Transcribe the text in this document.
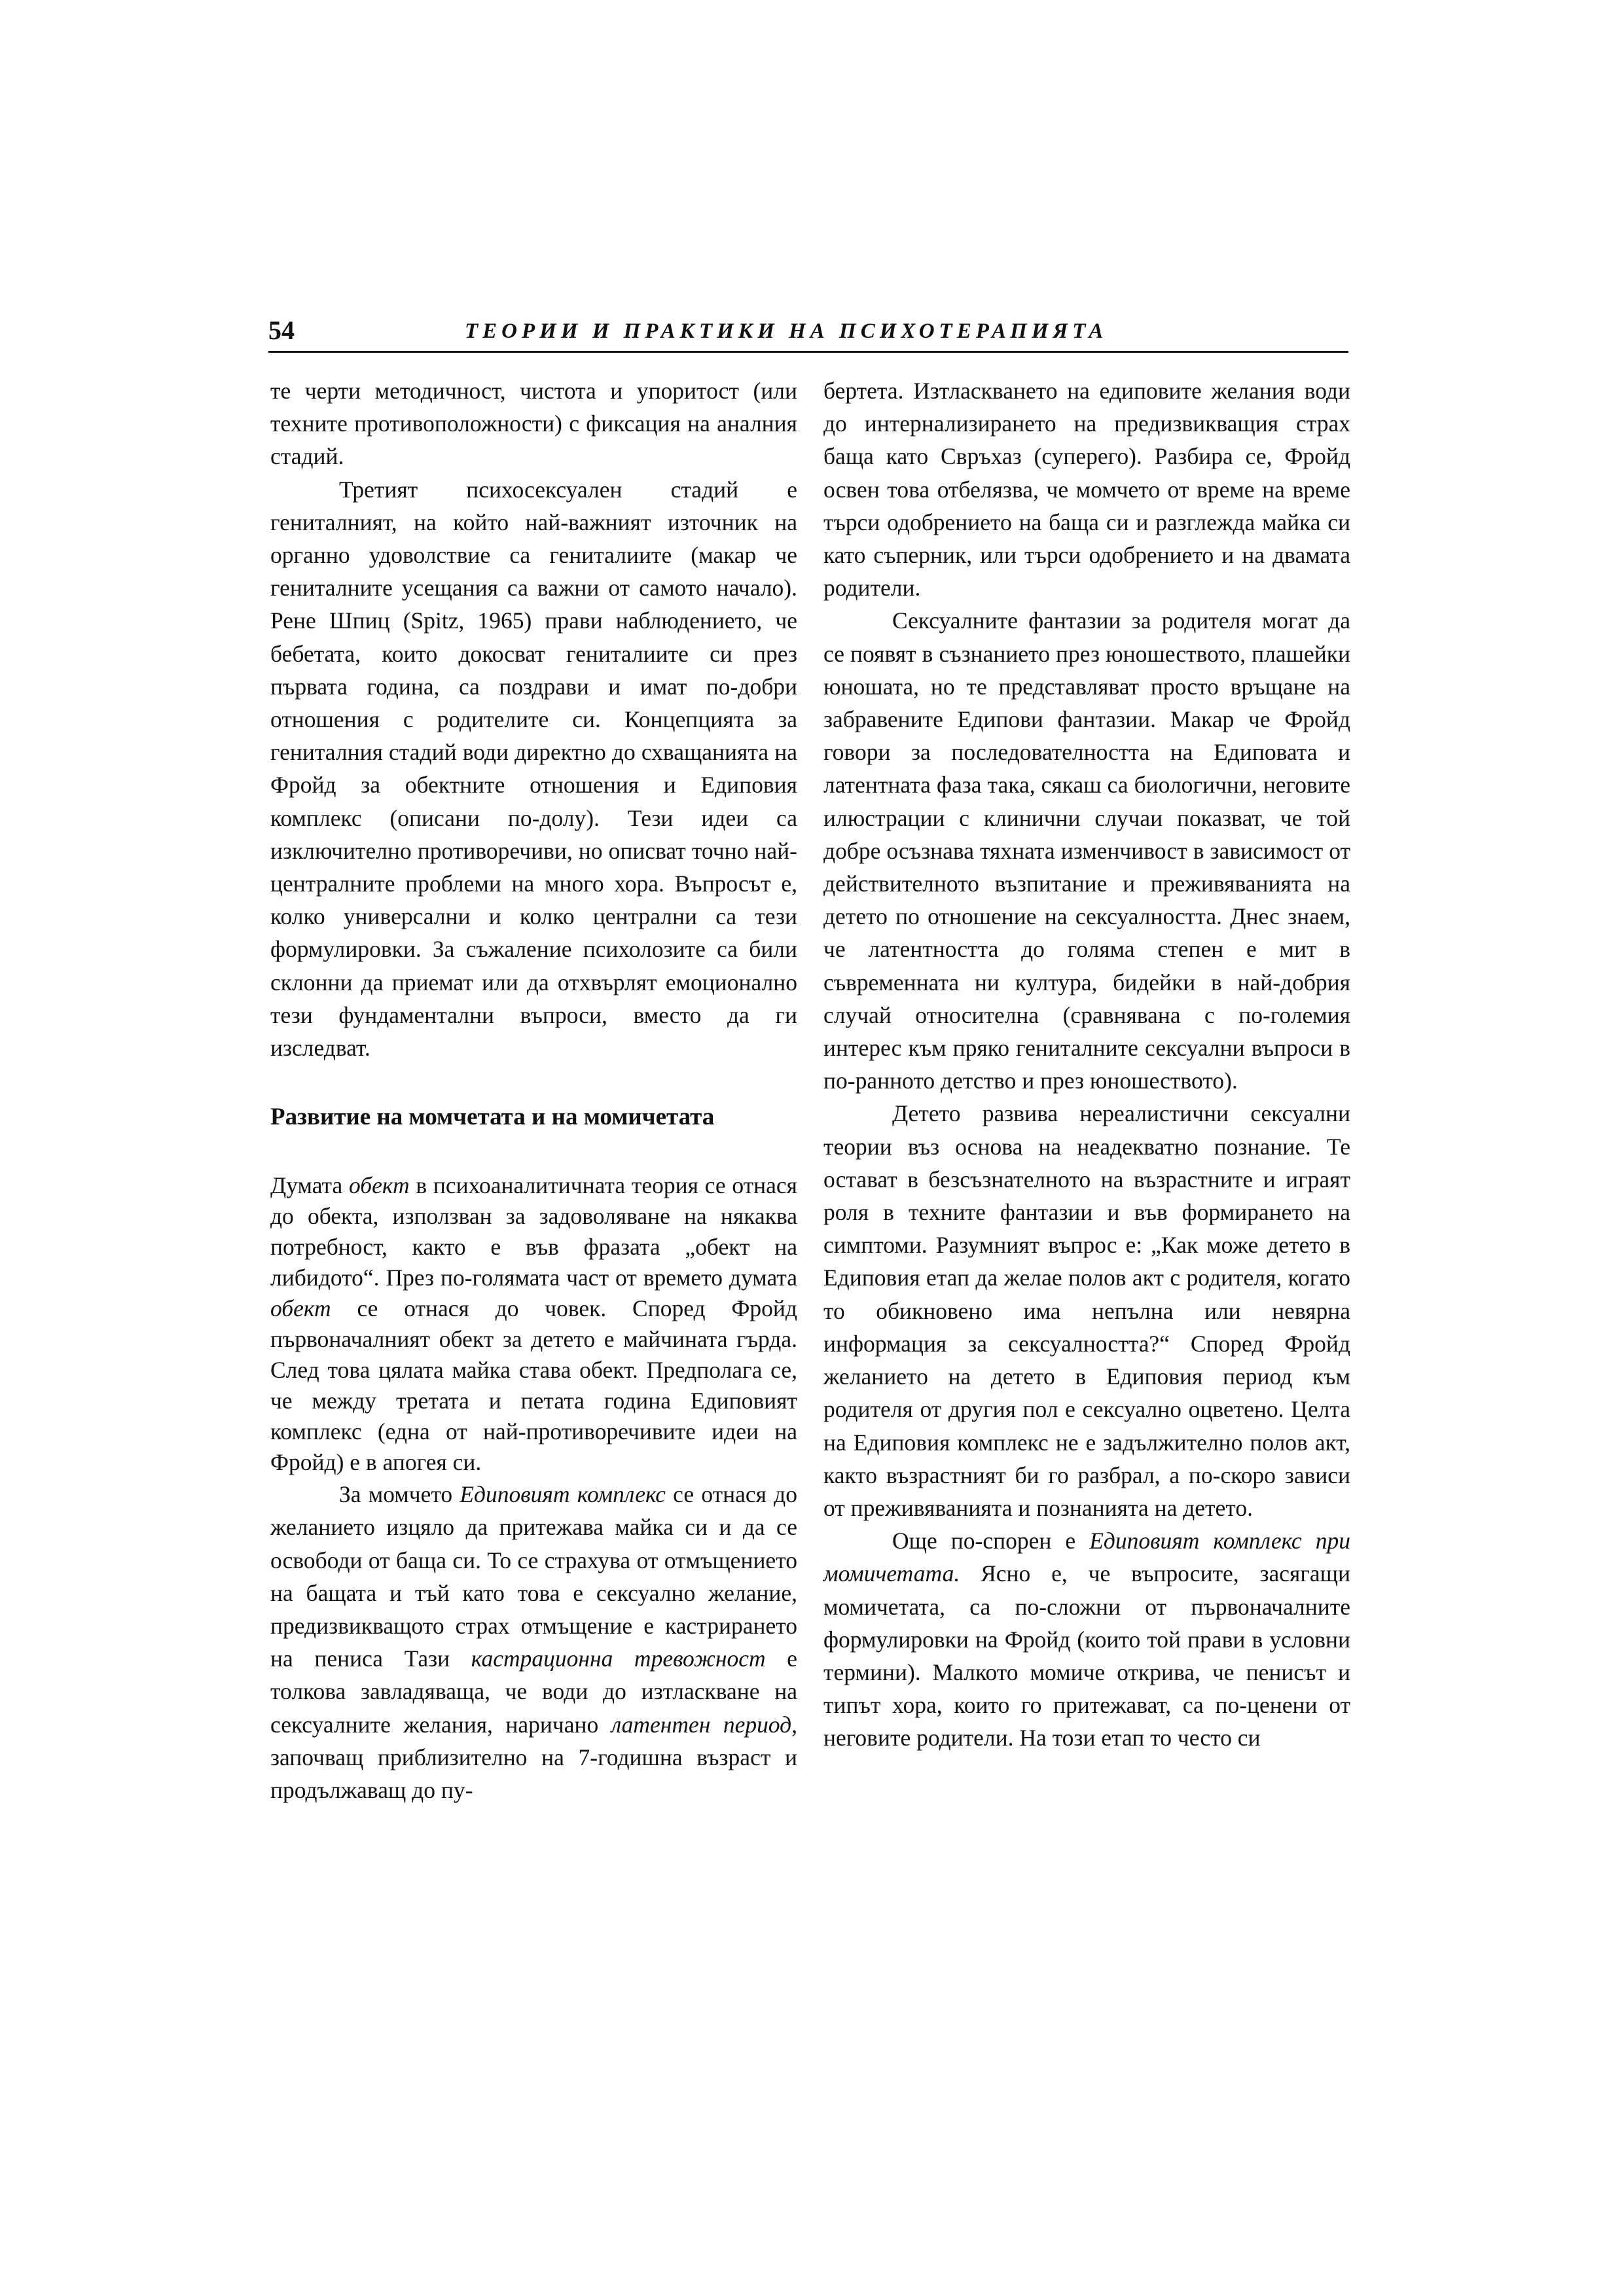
54	ТЕОРИИ И ПРАКТИКИ НА ПСИХОТЕРАПИЯТА

те черти методичност, чистота и упоритост (или техните противоположности) с фиксация на аналния стадий.

Третият психосексуален стадий е гениталният, на който най-важният източник на органно удоволствие са гениталиите (макар че гениталните усещания са важни от самото начало). Рене Шпиц (Spitz, 1965) прави наблюдението, че бебетата, които докосват гениталиите си през първата година, са поздрави и имат по-добри отношения с родителите си. Концепцията за гениталния стадий води директно до схващанията на Фройд за обектните отношения и Едиповия комплекс (описани по-долу). Тези идеи са изключително противоречиви, но описват точно най-централните проблеми на много хора. Въпросът е, колко универсални и колко централни са тези формулировки. За съжаление психолозите са били склонни да приемат или да отхвърлят емоционално тези фундаментални въпроси, вместо да ги изследват.

Развитие на момчетата и на момичетата

Думата обект в психоаналитичната теория се отнася до обекта, използван за задоволяване на някаква потребност, както е във фразата „обект на либидото“. През по-голямата част от времето думата обект се отнася до човек. Според Фройд първоначалният обект за детето е майчината гърда. След това цялата майка става обект. Предполага се, че между третата и петата година Едиповият комплекс (една от най-противоречивите идеи на Фройд) е в апогея си.

За момчето Едиповият комплекс се отнася до желанието изцяло да притежава майка си и да се освободи от баща си. То се страхува от отмъщението на бащата и тъй като това е сексуално желание, предизвикващото страх отмъщение е кастрирането на пениса Тази кастрационна тревожност е толкова завладяваща, че води до изтласкване на сексуалните желания, наричано латентен период, започващ приблизително на 7-годишна възраст и продължаващ до пу-

бертета. Изтласкването на едиповите желания води до интернализирането на предизвикващия страх баща като Свръхаз (суперего). Разбира се, Фройд освен това отбелязва, че момчето от време на време търси одобрението на баща си и разглежда майка си като съперник, или търси одобрението и на двамата родители.

Сексуалните фантазии за родителя могат да се появят в съзнанието през юношеството, плашейки юношата, но те представляват просто връщане на забравените Едипови фантазии. Макар че Фройд говори за последователността на Едиповата и латентната фаза така, сякаш са биологични, неговите илюстрации с клинични случаи показват, че той добре осъзнава тяхната изменчивост в зависимост от действителното възпитание и преживяванията на детето по отношение на сексуалността. Днес знаем, че латентността до голяма степен е мит в съвременната ни култура, бидейки в най-добрия случай относителна (сравнявана с по-големия интерес към пряко гениталните сексуални въпроси в по-ранното детство и през юношеството).

Детето развива нереалистични сексуални теории въз основа на неадекватно познание. Те остават в безсъзнателното на възрастните и играят роля в техните фантазии и във формирането на симптоми. Разумният въпрос е: „Как може детето в Едиповия етап да желае полов акт с родителя, когато то обикновено има непълна или невярна информация за сексуалността?“ Според Фройд желанието на детето в Едиповия период към родителя от другия пол е сексуално оцветено. Целта на Едиповия комплекс не е задължително полов акт, както възрастният би го разбрал, а по-скоро зависи от преживяванията и познанията на детето.

Още по-спорен е Едиповият комплекс при момичетата. Ясно е, че въпросите, засягащи момичетата, са по-сложни от първоначалните формулировки на Фройд (които той прави в условни термини). Малкото момиче открива, че пенисът и типът хора, които го притежават, са по-ценени от неговите родители. На този етап то често си
